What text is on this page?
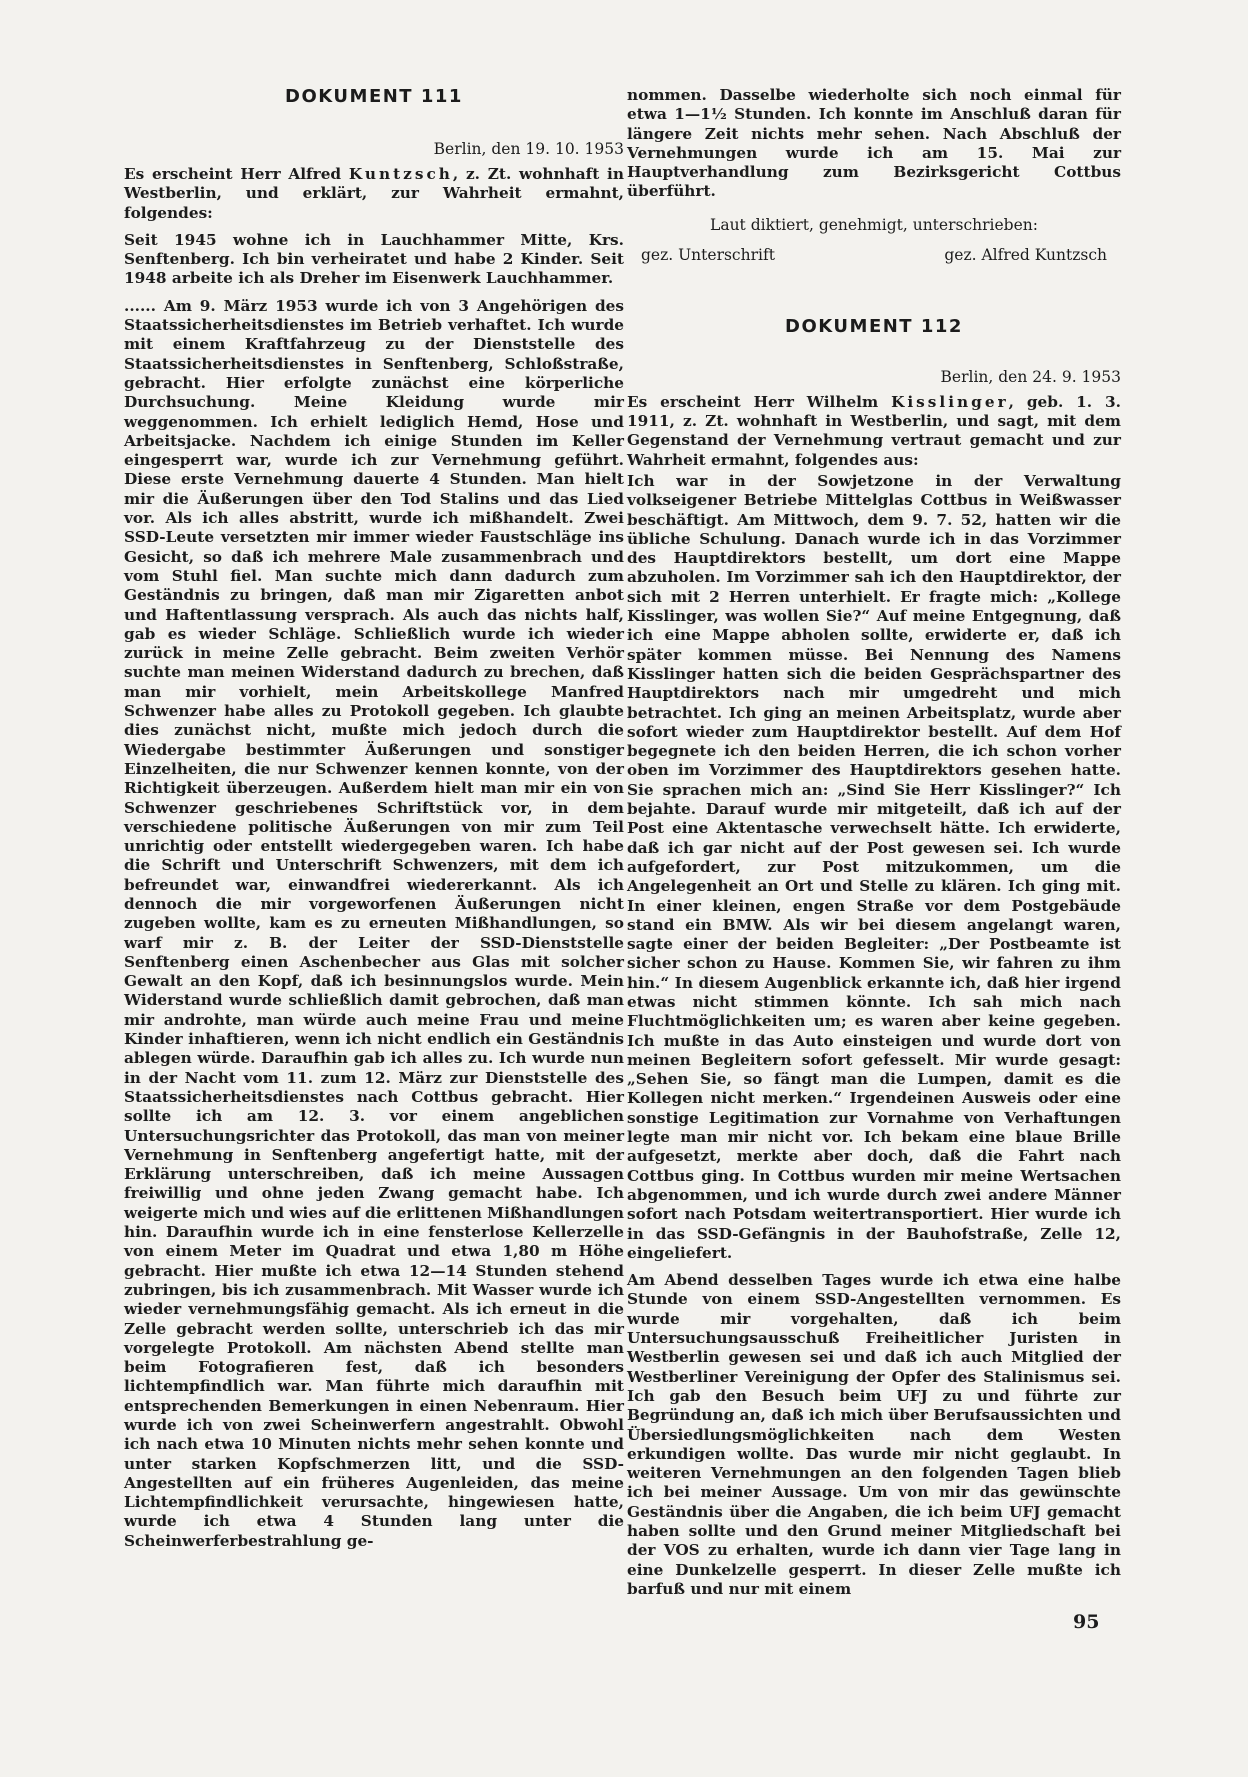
DOKUMENT 111

Berlin, den 19. 10. 1953

Es erscheint Herr Alfred Kuntzsch, z. Zt. wohnhaft in Westberlin, und erklärt, zur Wahrheit ermahnt, folgendes:

Seit 1945 wohne ich in Lauchhammer Mitte, Krs. Senftenberg. Ich bin verheiratet und habe 2 Kinder. Seit 1948 arbeite ich als Dreher im Eisenwerk Lauchhammer.

...... Am 9. März 1953 wurde ich von 3 Angehörigen des Staatssicherheitsdienstes im Betrieb verhaftet. Ich wurde mit einem Kraftfahrzeug zu der Dienststelle des Staatssicherheitsdienstes in Senftenberg, Schloßstraße, gebracht. Hier erfolgte zunächst eine körperliche Durchsuchung. Meine Kleidung wurde mir weggenommen. Ich erhielt lediglich Hemd, Hose und Arbeitsjacke. Nachdem ich einige Stunden im Keller eingesperrt war, wurde ich zur Vernehmung geführt. Diese erste Vernehmung dauerte 4 Stunden. Man hielt mir die Äußerungen über den Tod Stalins und das Lied vor. Als ich alles abstritt, wurde ich mißhandelt. Zwei SSD-Leute versetzten mir immer wieder Faustschläge ins Gesicht, so daß ich mehrere Male zusammenbrach und vom Stuhl fiel. Man suchte mich dann dadurch zum Geständnis zu bringen, daß man mir Zigaretten anbot und Haftentlassung versprach. Als auch das nichts half, gab es wieder Schläge. Schließlich wurde ich wieder zurück in meine Zelle gebracht. Beim zweiten Verhör suchte man meinen Widerstand dadurch zu brechen, daß man mir vorhielt, mein Arbeitskollege Manfred Schwenzer habe alles zu Protokoll gegeben. Ich glaubte dies zunächst nicht, mußte mich jedoch durch die Wiedergabe bestimmter Äußerungen und sonstiger Einzelheiten, die nur Schwenzer kennen konnte, von der Richtigkeit überzeugen. Außerdem hielt man mir ein von Schwenzer geschriebenes Schriftstück vor, in dem verschiedene politische Äußerungen von mir zum Teil unrichtig oder entstellt wiedergegeben waren. Ich habe die Schrift und Unterschrift Schwenzers, mit dem ich befreundet war, einwandfrei wiedererkannt. Als ich dennoch die mir vorgeworfenen Äußerungen nicht zugeben wollte, kam es zu erneuten Mißhandlungen, so warf mir z. B. der Leiter der SSD-Dienststelle Senftenberg einen Aschenbecher aus Glas mit solcher Gewalt an den Kopf, daß ich besinnungslos wurde. Mein Widerstand wurde schließlich damit gebrochen, daß man mir androhte, man würde auch meine Frau und meine Kinder inhaftieren, wenn ich nicht endlich ein Geständnis ablegen würde. Daraufhin gab ich alles zu. Ich wurde nun in der Nacht vom 11. zum 12. März zur Dienststelle des Staatssicherheitsdienstes nach Cottbus gebracht. Hier sollte ich am 12. 3. vor einem angeblichen Untersuchungsrichter das Protokoll, das man von meiner Vernehmung in Senftenberg angefertigt hatte, mit der Erklärung unterschreiben, daß ich meine Aussagen freiwillig und ohne jeden Zwang gemacht habe. Ich weigerte mich und wies auf die erlittenen Mißhandlungen hin. Daraufhin wurde ich in eine fensterlose Kellerzelle von einem Meter im Quadrat und etwa 1,80 m Höhe gebracht. Hier mußte ich etwa 12—14 Stunden stehend zubringen, bis ich zusammenbrach. Mit Wasser wurde ich wieder vernehmungsfähig gemacht. Als ich erneut in die Zelle gebracht werden sollte, unterschrieb ich das mir vorgelegte Protokoll. Am nächsten Abend stellte man beim Fotografieren fest, daß ich besonders lichtempfindlich war. Man führte mich daraufhin mit entsprechenden Bemerkungen in einen Nebenraum. Hier wurde ich von zwei Scheinwerfern angestrahlt. Obwohl ich nach etwa 10 Minuten nichts mehr sehen konnte und unter starken Kopfschmerzen litt, und die SSD-Angestellten auf ein früheres Augenleiden, das meine Lichtempfindlichkeit verursachte, hingewiesen hatte, wurde ich etwa 4 Stunden lang unter die Scheinwerferbestrahlung ge-

nommen. Dasselbe wiederholte sich noch einmal für etwa 1—1½ Stunden. Ich konnte im Anschluß daran für längere Zeit nichts mehr sehen. Nach Abschluß der Vernehmungen wurde ich am 15. Mai zur Hauptverhandlung zum Bezirksgericht Cottbus überführt.

Laut diktiert, genehmigt, unterschrieben:

gez. Unterschrift	gez. Alfred Kuntzsch
DOKUMENT 112

Berlin, den 24. 9. 1953

Es erscheint Herr Wilhelm Kisslinger, geb. 1. 3. 1911, z. Zt. wohnhaft in Westberlin, und sagt, mit dem Gegenstand der Vernehmung vertraut gemacht und zur Wahrheit ermahnt, folgendes aus:

Ich war in der Sowjetzone in der Verwaltung volkseigener Betriebe Mittelglas Cottbus in Weißwasser beschäftigt. Am Mittwoch, dem 9. 7. 52, hatten wir die übliche Schulung. Danach wurde ich in das Vorzimmer des Hauptdirektors bestellt, um dort eine Mappe abzuholen. Im Vorzimmer sah ich den Hauptdirektor, der sich mit 2 Herren unterhielt. Er fragte mich: „Kollege Kisslinger, was wollen Sie?“ Auf meine Entgegnung, daß ich eine Mappe abholen sollte, erwiderte er, daß ich später kommen müsse. Bei Nennung des Namens Kisslinger hatten sich die beiden Gesprächspartner des Hauptdirektors nach mir umgedreht und mich betrachtet. Ich ging an meinen Arbeitsplatz, wurde aber sofort wieder zum Hauptdirektor bestellt. Auf dem Hof begegnete ich den beiden Herren, die ich schon vorher oben im Vorzimmer des Hauptdirektors gesehen hatte. Sie sprachen mich an: „Sind Sie Herr Kisslinger?“ Ich bejahte. Darauf wurde mir mitgeteilt, daß ich auf der Post eine Aktentasche verwechselt hätte. Ich erwiderte, daß ich gar nicht auf der Post gewesen sei. Ich wurde aufgefordert, zur Post mitzukommen, um die Angelegenheit an Ort und Stelle zu klären. Ich ging mit. In einer kleinen, engen Straße vor dem Postgebäude stand ein BMW. Als wir bei diesem angelangt waren, sagte einer der beiden Begleiter: „Der Postbeamte ist sicher schon zu Hause. Kommen Sie, wir fahren zu ihm hin.“ In diesem Augenblick erkannte ich, daß hier irgend etwas nicht stimmen könnte. Ich sah mich nach Fluchtmöglichkeiten um; es waren aber keine gegeben. Ich mußte in das Auto einsteigen und wurde dort von meinen Begleitern sofort gefesselt. Mir wurde gesagt: „Sehen Sie, so fängt man die Lumpen, damit es die Kollegen nicht merken.“ Irgendeinen Ausweis oder eine sonstige Legitimation zur Vornahme von Verhaftungen legte man mir nicht vor. Ich bekam eine blaue Brille aufgesetzt, merkte aber doch, daß die Fahrt nach Cottbus ging. In Cottbus wurden mir meine Wertsachen abgenommen, und ich wurde durch zwei andere Männer sofort nach Potsdam weitertransportiert. Hier wurde ich in das SSD-Gefängnis in der Bauhofstraße, Zelle 12, eingeliefert.

Am Abend desselben Tages wurde ich etwa eine halbe Stunde von einem SSD-Angestellten vernommen. Es wurde mir vorgehalten, daß ich beim Untersuchungsausschuß Freiheitlicher Juristen in Westberlin gewesen sei und daß ich auch Mitglied der Westberliner Vereinigung der Opfer des Stalinismus sei. Ich gab den Besuch beim UFJ zu und führte zur Begründung an, daß ich mich über Berufsaussichten und Übersiedlungsmöglichkeiten nach dem Westen erkundigen wollte. Das wurde mir nicht geglaubt. In weiteren Vernehmungen an den folgenden Tagen blieb ich bei meiner Aussage. Um von mir das gewünschte Geständnis über die Angaben, die ich beim UFJ gemacht haben sollte und den Grund meiner Mitgliedschaft bei der VOS zu erhalten, wurde ich dann vier Tage lang in eine Dunkelzelle gesperrt. In dieser Zelle mußte ich barfuß und nur mit einem

95
